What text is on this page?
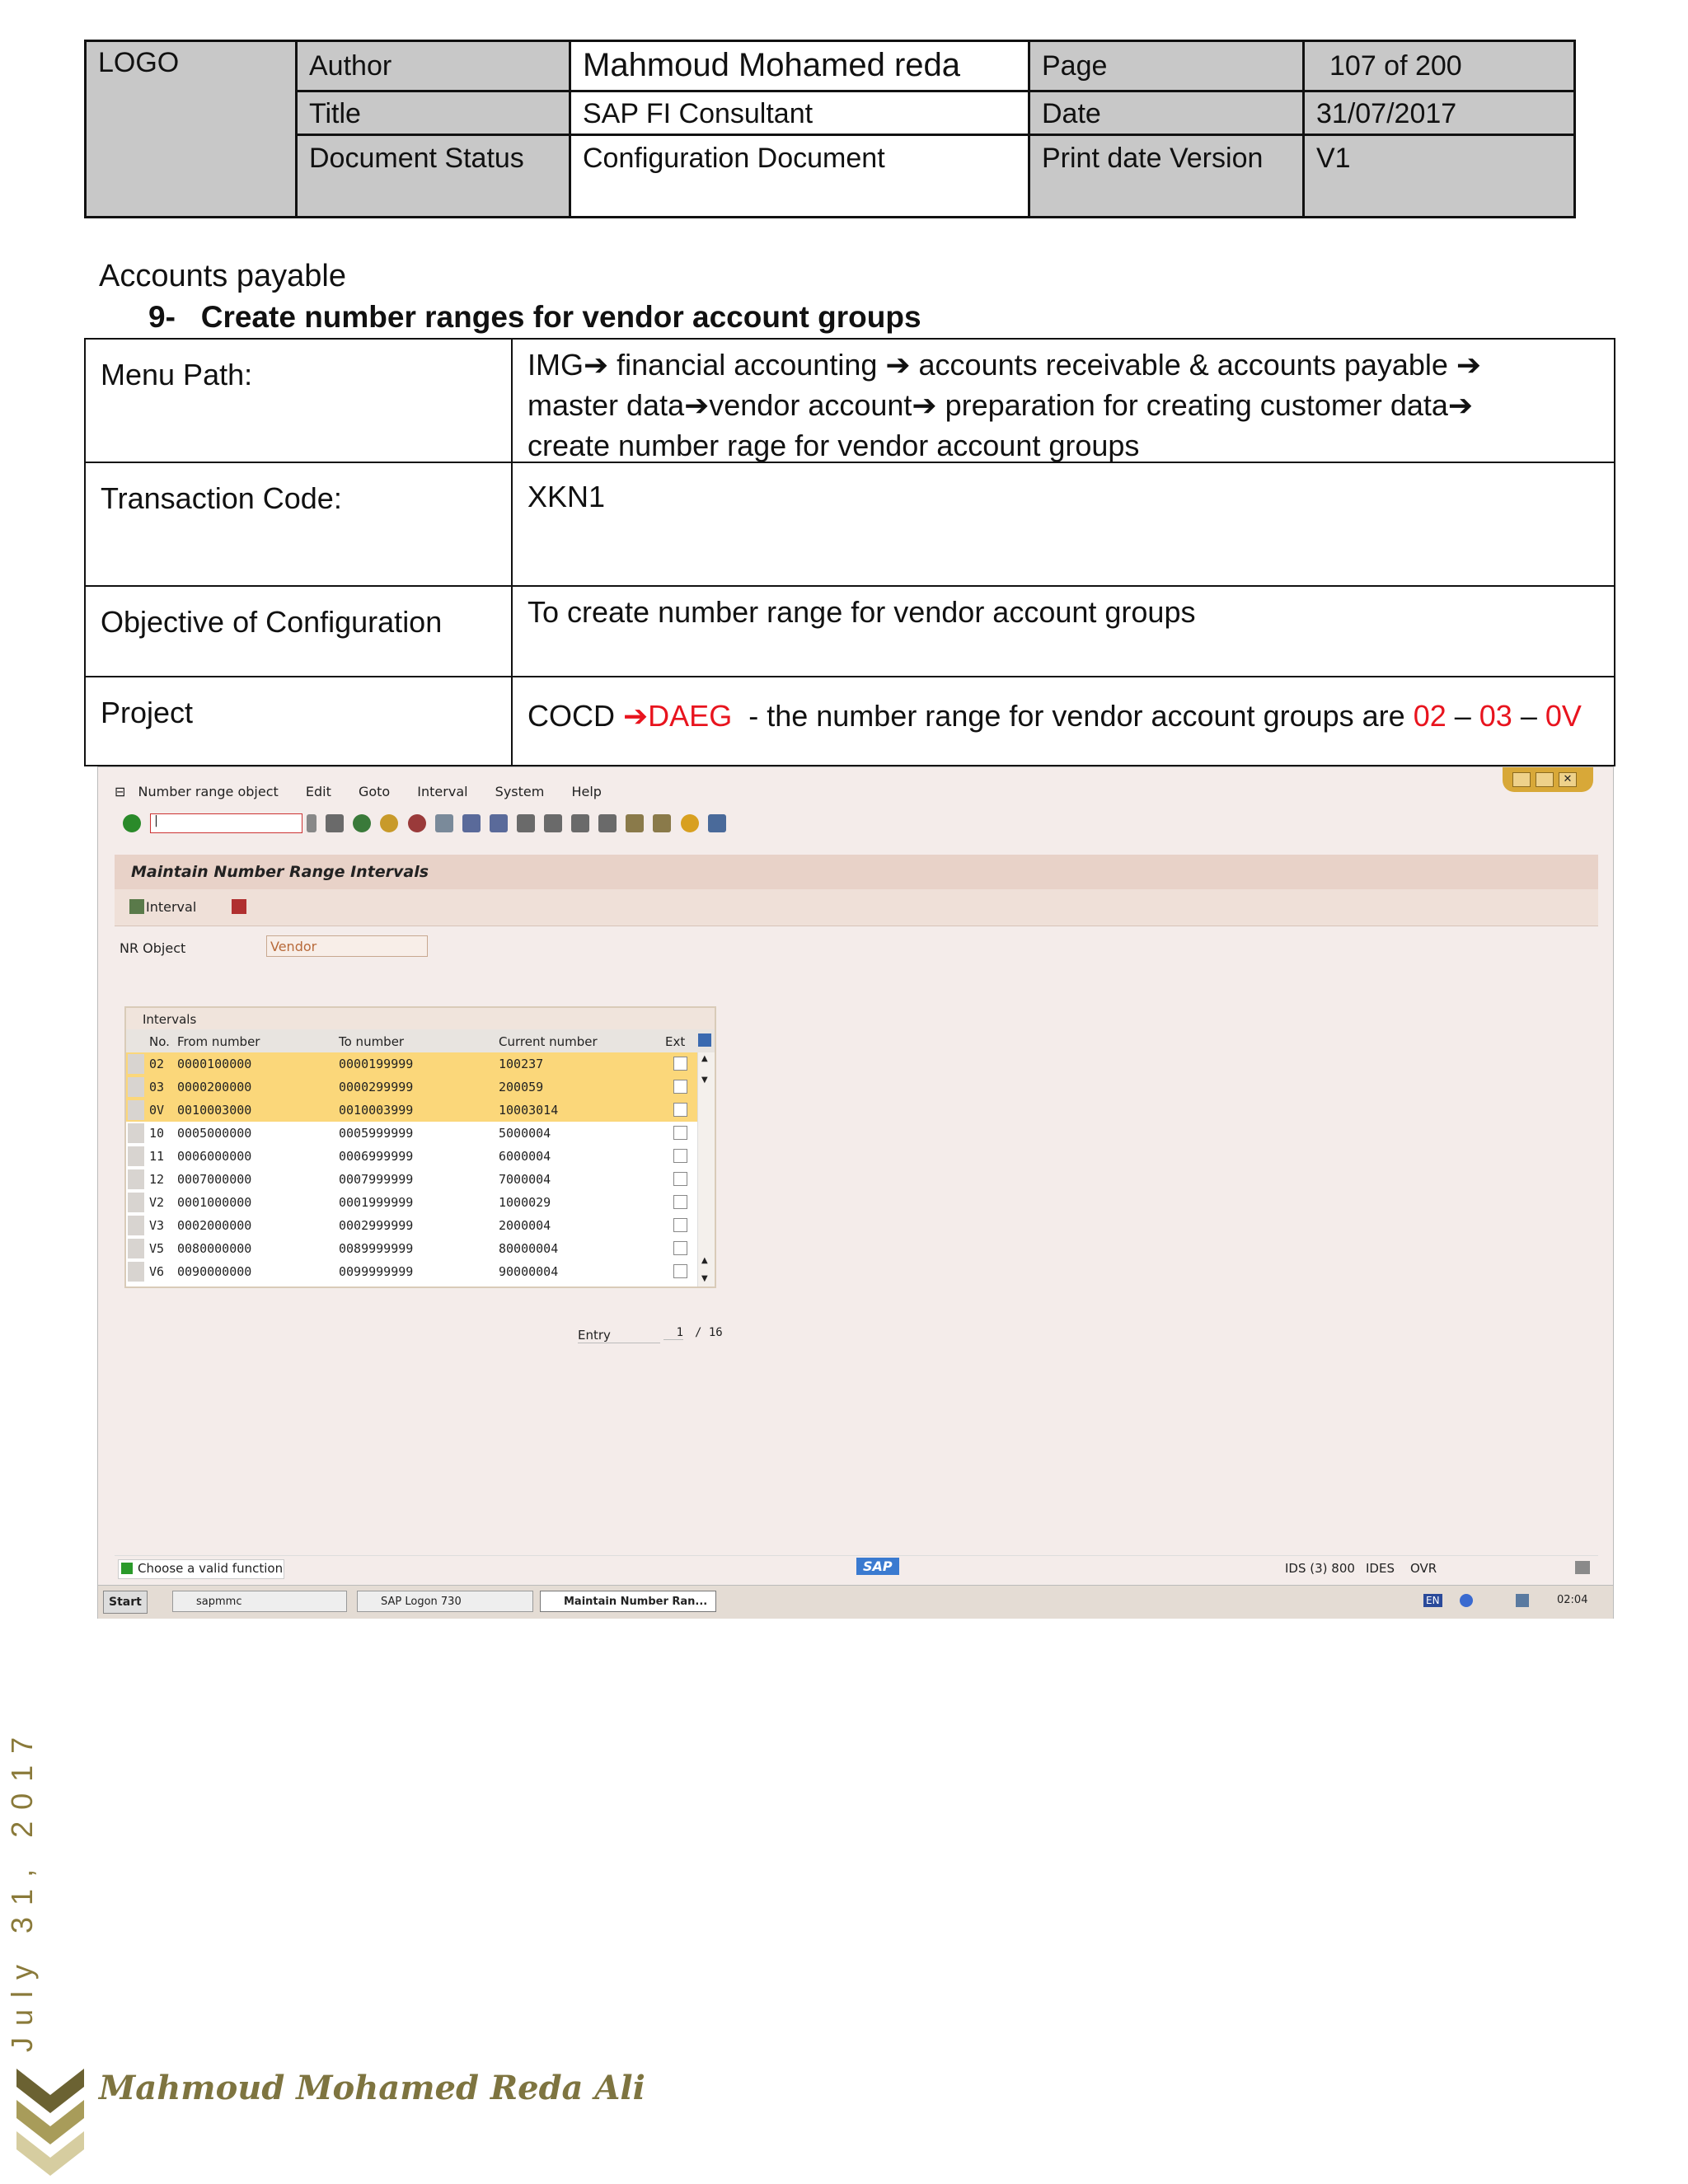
LOGO	Author	Mahmoud Mohamed reda	Page	107 of 200
Title	SAP FI Consultant	Date	31/07/2017
Document Status	Configuration Document	Print date Version	V1
Accounts payable
9-   Create number ranges for vendor account groups
Menu Path:	IMG➔ financial accounting ➔ accounts receivable & accounts payable ➔
master data➔vendor account➔ preparation for creating customer data➔
create number rage for vendor account groups
Transaction Code:	XKN1
Objective of Configuration	To create number range for vendor account groups
Project	COCD ➔DAEG  - the number range for vendor account groups are 02 – 03 – 0V
✕
⊟ Number range object Edit Goto Interval System Help
|
Maintain Number Range Intervals
Interval
NR Object	Vendor
Intervals
No. From number	To number	Current number	Ext
02 0000100000	0000199999	100237
03 0000200000	0000299999	200059
0V 0010003000	0010003999	10003014
10 0005000000	0005999999	5000004
11 0006000000	0006999999	6000004
12 0007000000	0007999999	7000004
V2 0001000000	0001999999	1000029
V3 0002000000	0002999999	2000004
V5 0080000000	0089999999	80000004
V6 0090000000	0099999999	90000004
▲
▼
▲
▼
Entry	1 / 16
Choose a valid function	SAP	IDS (3) 800 IDES OVR
Start	sapmmc	SAP Logon 730	Maintain Number Ran...	EN	02:04
July 31, 2017
Mahmoud Mohamed Reda Ali
